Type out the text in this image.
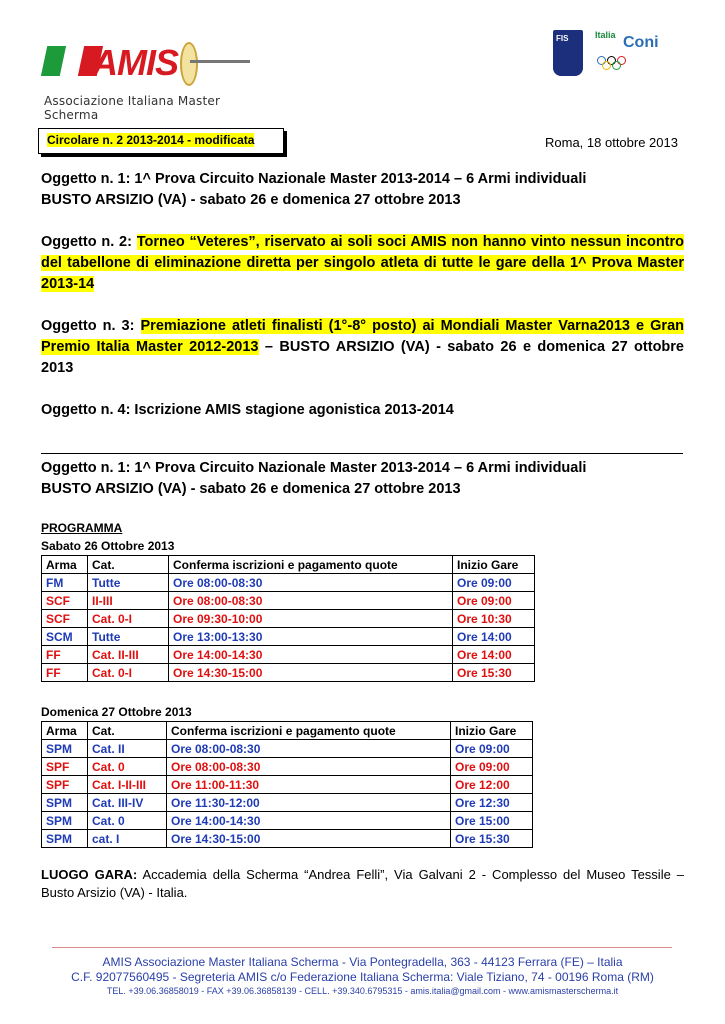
AMIS
Associazione Italiana Master Scherma
FIS	Italia Coni
Circolare n. 2 2013-2014 - modificata	Roma, 18 ottobre 2013
Oggetto n. 1: 1^ Prova Circuito Nazionale Master 2013-2014 – 6 Armi individuali
BUSTO ARSIZIO (VA) - sabato 26 e domenica 27 ottobre 2013
Oggetto n. 2: Torneo “Veteres”, riservato ai soli soci AMIS non hanno vinto nessun incontro del tabellone di eliminazione diretta per singolo atleta di tutte le gare della 1^ Prova Master 2013-14
Oggetto n. 3: Premiazione atleti finalisti (1°-8° posto) ai Mondiali Master Varna2013 e Gran Premio Italia Master 2012-2013 – BUSTO ARSIZIO (VA) - sabato 26 e domenica 27 ottobre 2013
Oggetto n. 4: Iscrizione AMIS stagione agonistica 2013-2014
Oggetto n. 1: 1^ Prova Circuito Nazionale Master 2013-2014 – 6 Armi individuali
BUSTO ARSIZIO (VA) - sabato 26 e domenica 27 ottobre 2013
PROGRAMMA
Sabato 26 Ottobre 2013
Arma	Cat.	Conferma iscrizioni e pagamento quote	Inizio Gare
FM	Tutte	Ore 08:00-08:30	Ore 09:00
SCF	II-III	Ore 08:00-08:30	Ore 09:00
SCF	Cat. 0-I	Ore 09:30-10:00	Ore 10:30
SCM	Tutte	Ore 13:00-13:30	Ore 14:00
FF	Cat. II-III	Ore 14:00-14:30	Ore 14:00
FF	Cat. 0-I	Ore 14:30-15:00	Ore 15:30
Domenica 27 Ottobre 2013
Arma	Cat.	Conferma iscrizioni e pagamento quote	Inizio Gare
SPM	Cat. II	Ore 08:00-08:30	Ore 09:00
SPF	Cat. 0	Ore 08:00-08:30	Ore 09:00
SPF	Cat. I-II-III	Ore 11:00-11:30	Ore 12:00
SPM	Cat. III-IV	Ore 11:30-12:00	Ore 12:30
SPM	Cat. 0	Ore 14:00-14:30	Ore 15:00
SPM	cat. I	Ore 14:30-15:00	Ore 15:30
LUOGO GARA: Accademia della Scherma “Andrea Felli”, Via Galvani 2 - Complesso del Museo Tessile – Busto Arsizio (VA) - Italia.
AMIS Associazione Master Italiana Scherma - Via Pontegradella, 363 - 44123 Ferrara (FE) – Italia
C.F. 92077560495 - Segreteria AMIS c/o Federazione Italiana Scherma: Viale Tiziano, 74 - 00196 Roma (RM)
TEL. +39.06.36858019 - FAX +39.06.36858139 - CELL. +39.340.6795315 - amis.italia@gmail.com - www.amismasterscherma.it
